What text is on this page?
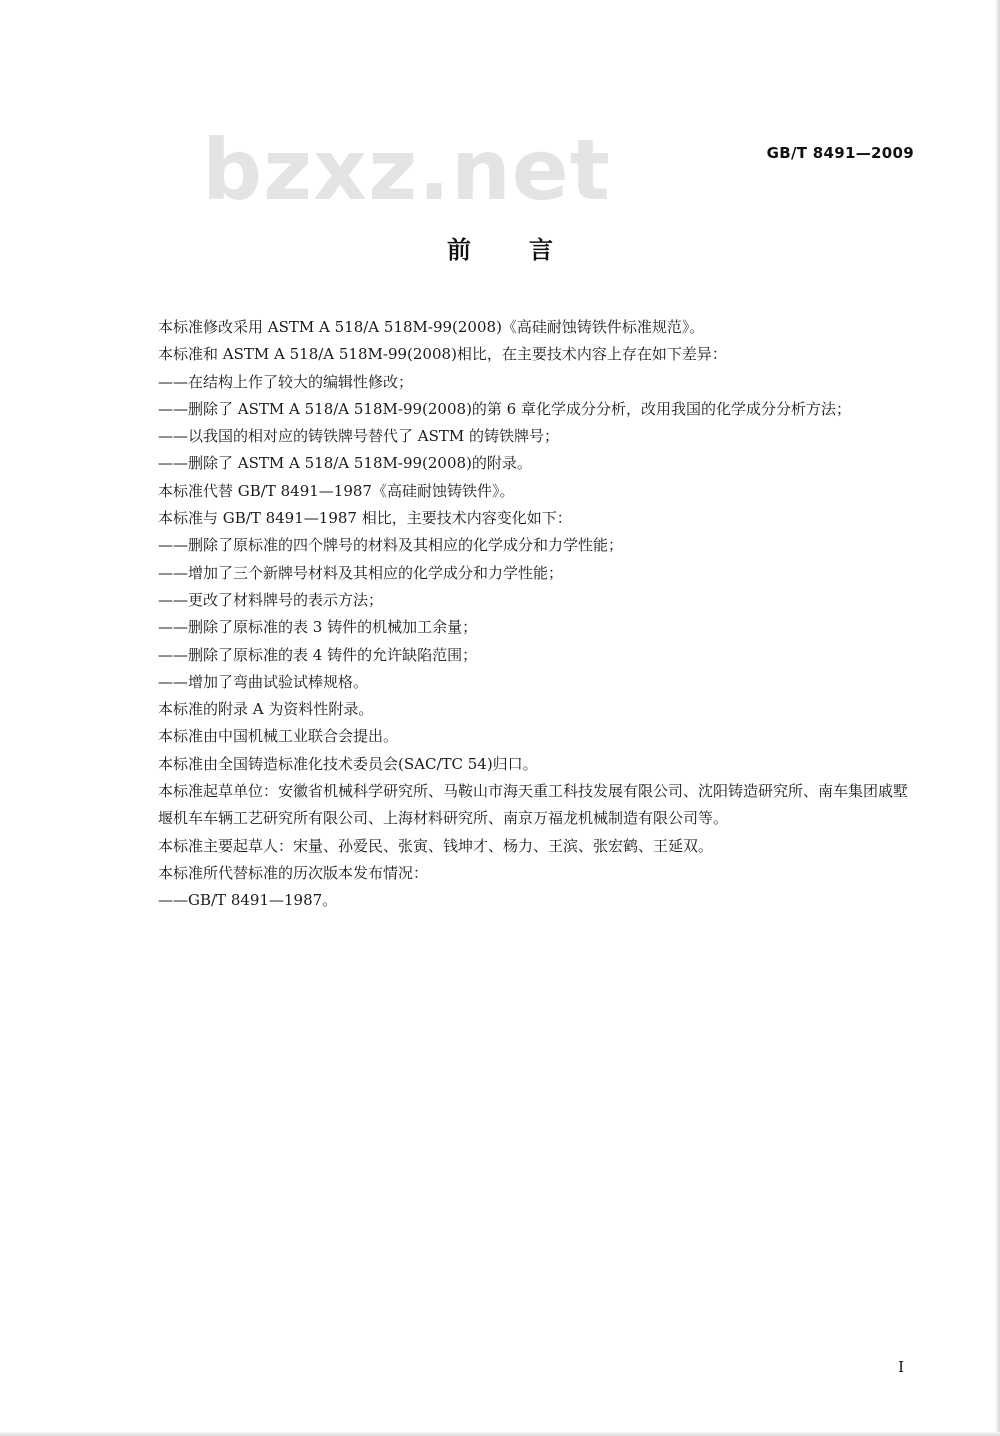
bzxz.net	GB/T 8491—2009
前言

本标准修改采用 ASTM A 518/A 518M-99(2008)《高硅耐蚀铸铁件标准规范》。

本标准和 ASTM A 518/A 518M-99(2008)相比，在主要技术内容上存在如下差异：

——在结构上作了较大的编辑性修改；

——删除了 ASTM A 518/A 518M-99(2008)的第 6 章化学成分分析，改用我国的化学成分分析方法；

——以我国的相对应的铸铁牌号替代了 ASTM 的铸铁牌号；

——删除了 ASTM A 518/A 518M-99(2008)的附录。

本标准代替 GB/T 8491—1987《高硅耐蚀铸铁件》。

本标准与 GB/T 8491—1987 相比，主要技术内容变化如下：

——删除了原标准的四个牌号的材料及其相应的化学成分和力学性能；

——增加了三个新牌号材料及其相应的化学成分和力学性能；

——更改了材料牌号的表示方法；

——删除了原标准的表 3 铸件的机械加工余量；

——删除了原标准的表 4 铸件的允许缺陷范围；

——增加了弯曲试验试棒规格。

本标准的附录 A 为资料性附录。

本标准由中国机械工业联合会提出。

本标准由全国铸造标准化技术委员会(SAC/TC 54)归口。

本标准起草单位：安徽省机械科学研究所、马鞍山市海天重工科技发展有限公司、沈阳铸造研究所、南车集团戚墅堰机车车辆工艺研究所有限公司、上海材料研究所、南京万福龙机械制造有限公司等。

本标准主要起草人：宋量、孙爱民、张寅、钱坤才、杨力、王滨、张宏鹤、王延双。

本标准所代替标准的历次版本发布情况：

——GB/T 8491—1987。

I
